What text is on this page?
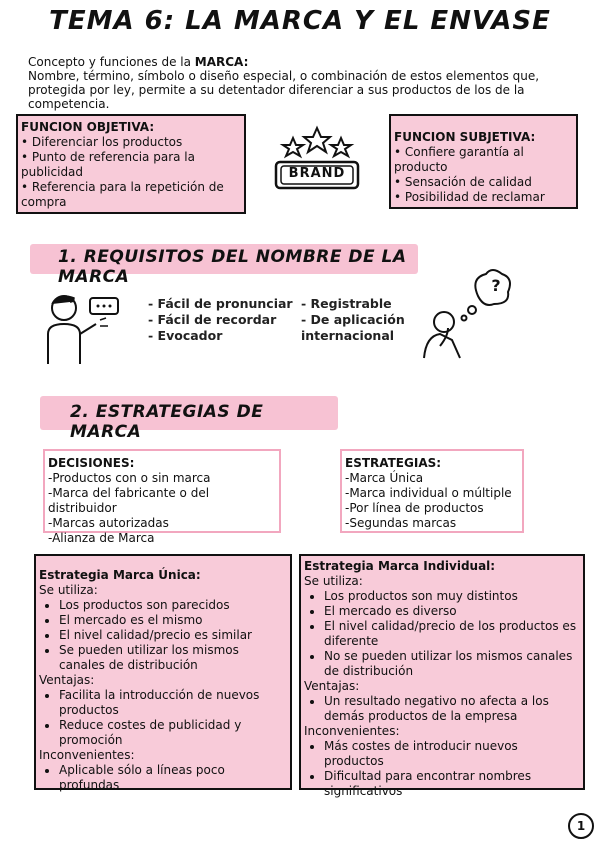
TEMA 6: LA MARCA Y EL ENVASE
Concepto y funciones de la MARCA:
Nombre, término, símbolo o diseño especial, o combinación de estos elementos que, protegida por ley, permite a su detentador diferenciar a sus productos de los de la competencia.
FUNCION OBJETIVA:
• Diferenciar los productos
• Punto de referencia para la publicidad
• Referencia para la repetición de compra
BRAND
FUNCION SUBJETIVA:
• Confiere garantía al producto
• Sensación de calidad
• Posibilidad de reclamar
1. REQUISITOS DEL NOMBRE DE LA MARCA
- Fácil de pronunciar
- Fácil de recordar
- Evocador
- Registrable
- De aplicación internacional
?
2. ESTRATEGIAS DE MARCA
DECISIONES:
-Productos con o sin marca
-Marca del fabricante o del distribuidor
-Marcas autorizadas
-Alianza de Marca
ESTRATEGIAS:
-Marca Única
-Marca individual o múltiple
-Por línea de productos
-Segundas marcas
Estrategia Marca Única:
Se utiliza:
• Los productos son parecidos
• El mercado es el mismo
• El nivel calidad/precio es similar
• Se pueden utilizar los mismos canales de distribución
Ventajas:
• Facilita la introducción de nuevos productos
• Reduce costes de publicidad y promoción
Inconvenientes:
• Aplicable sólo a líneas poco profundas
Estrategia Marca Individual:
Se utiliza:
• Los productos son muy distintos
• El mercado es diverso
• El nivel calidad/precio de los productos es diferente
• No se pueden utilizar los mismos canales de distribución
Ventajas:
• Un resultado negativo no afecta a los demás productos de la empresa
Inconvenientes:
• Más costes de introducir nuevos productos
• Dificultad para encontrar nombres significativos
1
